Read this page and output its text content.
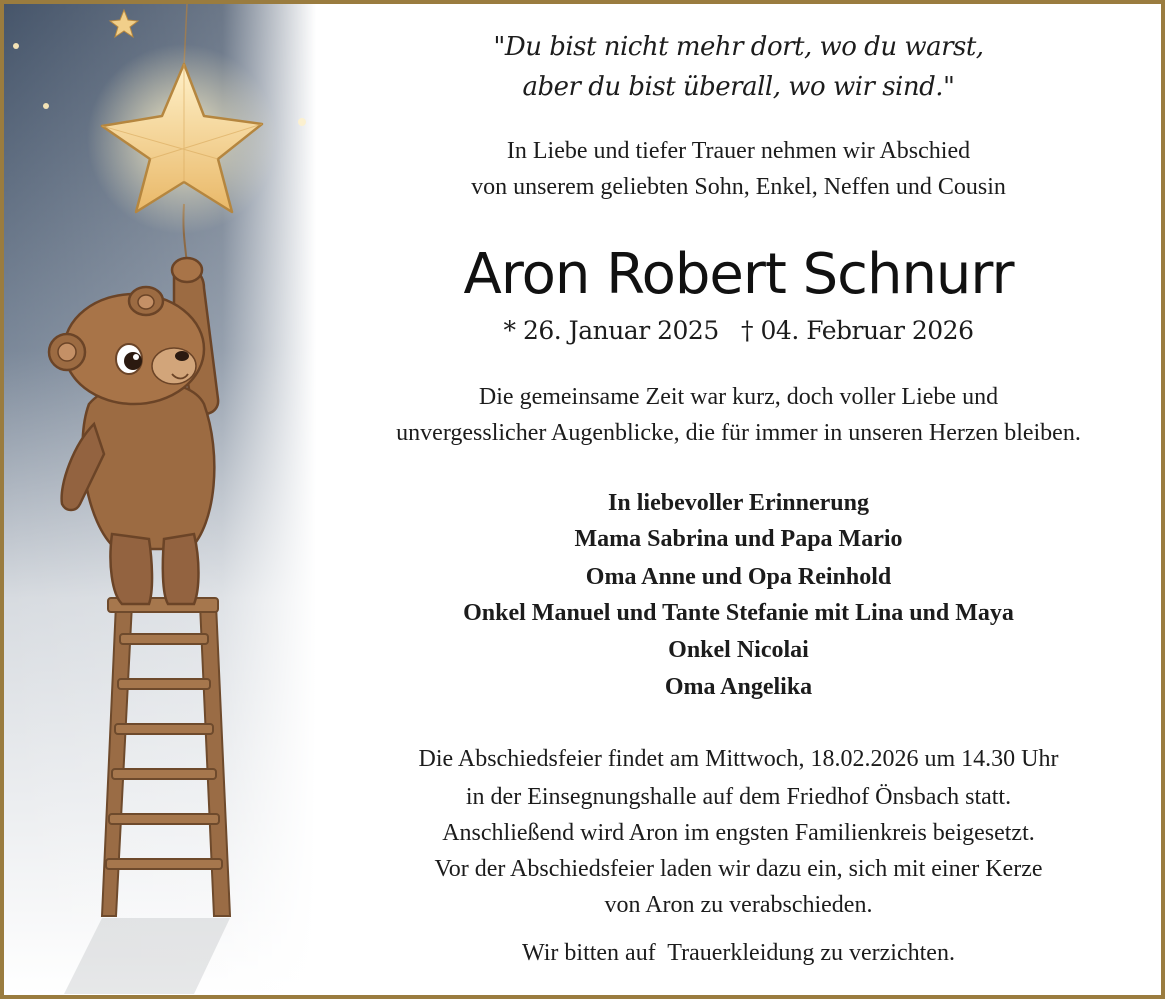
"Du bist nicht mehr dort, wo du warst,
aber du bist überall, wo wir sind."
In Liebe und tiefer Trauer nehmen wir Abschied
von unserem geliebten Sohn, Enkel, Neffen und Cousin
Aron Robert Schnurr
* 26. Januar 2025   † 04. Februar 2026
Die gemeinsame Zeit war kurz, doch voller Liebe und
unvergesslicher Augenblicke, die für immer in unseren Herzen bleiben.
In liebevoller Erinnerung
Mama Sabrina und Papa Mario
Oma Anne und Opa Reinhold
Onkel Manuel und Tante Stefanie mit Lina und Maya
Onkel Nicolai
Oma Angelika
Die Abschiedsfeier findet am Mittwoch, 18.02.2026 um 14.30 Uhr
in der Einsegnungshalle auf dem Friedhof Önsbach statt.
Anschließend wird Aron im engsten Familienkreis beigesetzt.
Vor der Abschiedsfeier laden wir dazu ein, sich mit einer Kerze
von Aron zu verabschieden.
Wir bitten auf  Trauerkleidung zu verzichten.
